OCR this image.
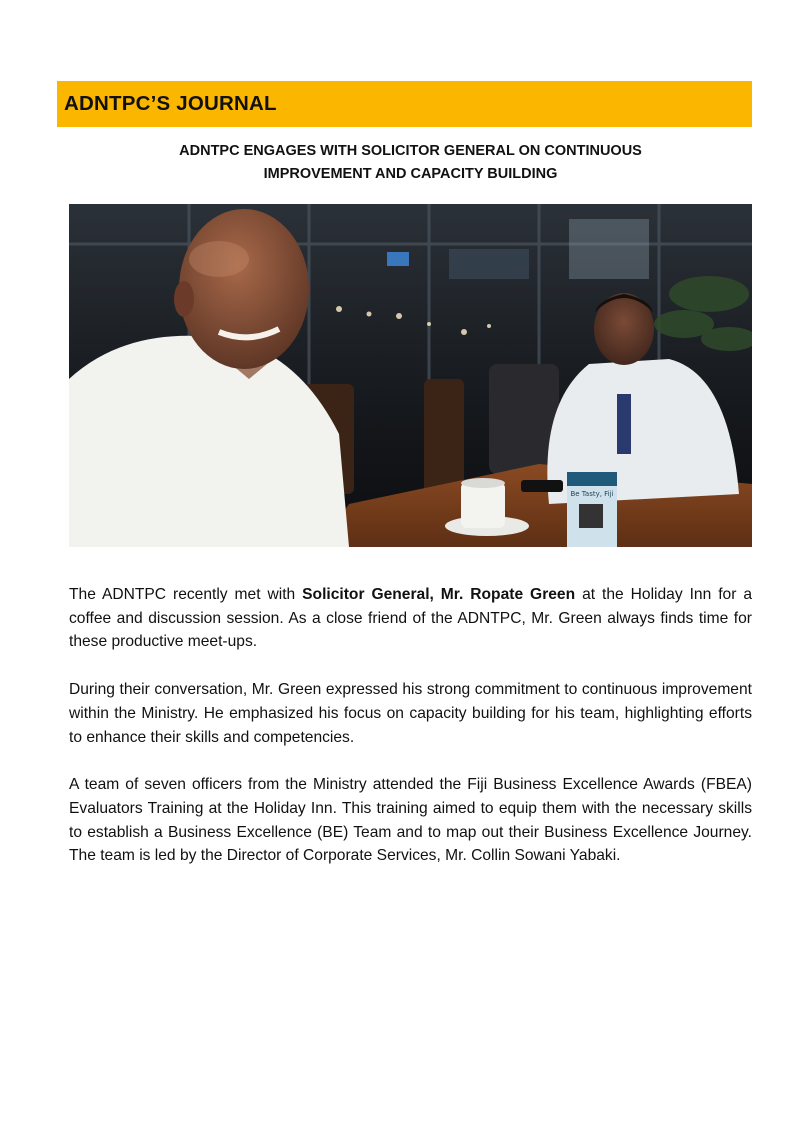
ADNTPC’S JOURNAL
ADNTPC ENGAGES WITH SOLICITOR GENERAL ON CONTINUOUS
IMPROVEMENT AND CAPACITY BUILDING
Be Tasty, Fiji

The ADNTPC recently met with Solicitor General, Mr. Ropate Green at the Holiday Inn for a coffee and discussion session. As a close friend of the ADNTPC, Mr. Green always finds time for these productive meet-ups.

During their conversation, Mr. Green expressed his strong commitment to continuous improvement within the Ministry. He emphasized his focus on capacity building for his team, highlighting efforts to enhance their skills and competencies.

A team of seven officers from the Ministry attended the Fiji Business Excellence Awards (FBEA) Evaluators Training at the Holiday Inn. This training aimed to equip them with the necessary skills to establish a Business Excellence (BE) Team and to map out their Business Excellence Journey. The team is led by the Director of Corporate Services, Mr. Collin Sowani Yabaki.
